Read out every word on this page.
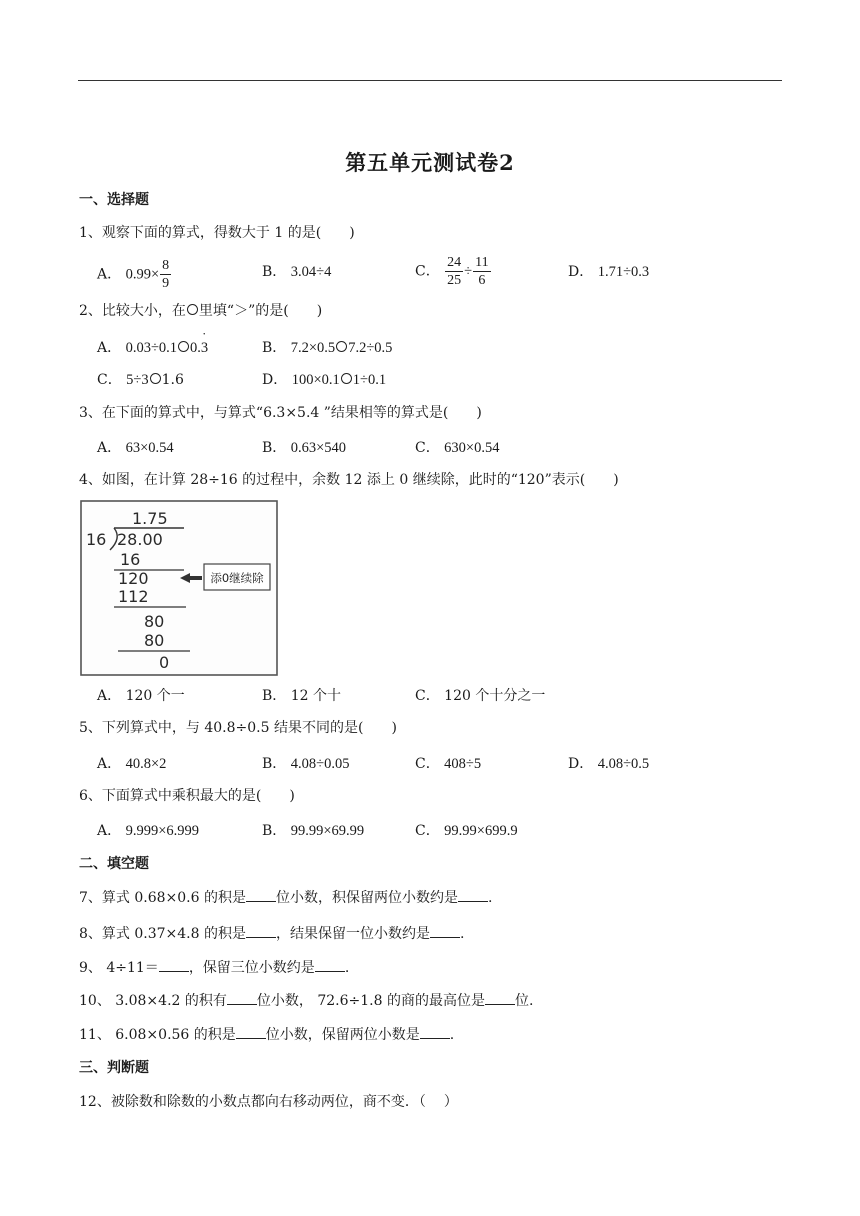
第五单元测试卷2
一、选择题
1、观察下面的算式，得数大于 1 的是( )
A． $0.99\times \frac{8}{9}$	B． 3.04÷4	C． $\frac{24}{25} \div \frac{11}{6}$	D． 1.71÷0.3
2、比较大小，在 里填“＞”的是( )
A． 0.03÷0.1 0.3 ˙	B． 7.2×0.5 7.2÷0.5
C． 5÷3 1.6	D． 100×0.1 1÷0.1
3、在下面的算式中，与算式“6.3×5.4 ”结果相等的算式是( )
A． 63×0.54	B． 0.63×540	C． 630×0.54
4、如图，在计算 28÷16 的过程中，余数 12 添上 0 继续除，此时的“120”表示( )
1.75
16 28.00
16
120
112
80
80
0
添0继续除
A． 120 个一	B． 12 个十	C． 120 个十分之一
5、下列算式中，与 40.8÷0.5 结果不同的是( )
A． 40.8×2	B． 4.08÷0.05	C． 408÷5	D． 4.08÷0.5
6、下面算式中乘积最大的是( )
A． 9.999×6.999	B． 99.99×69.99	C． 99.99×699.9
二、填空题
7、算式 0.68×0.6 的积是 位小数，积保留两位小数约是 .
8、算式 0.37×4.8 的积是 ，结果保留一位小数约是 .
9、 4÷11＝ ，保留三位小数约是 .
10、 3.08×4.2 的积有 位小数， 72.6÷1.8 的商的最高位是 位.
11、 6.08×0.56 的积是 位小数，保留两位小数是 .
三、判断题
12、被除数和除数的小数点都向右移动两位，商不变．（ ）
